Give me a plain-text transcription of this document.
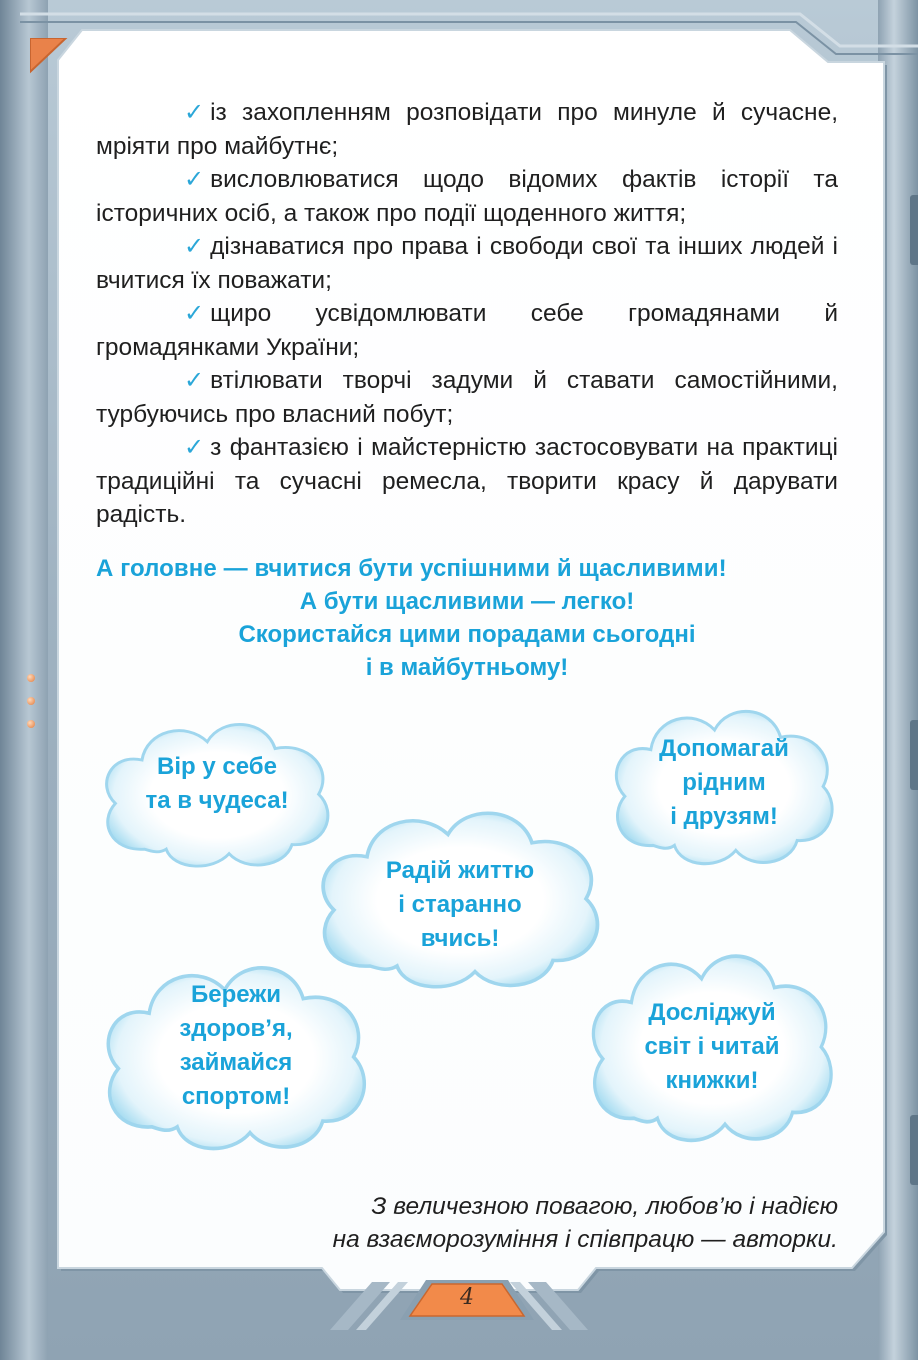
✓ із захопленням розповідати про минуле й сучасне, мріяти про майбутнє;

✓ висловлюватися щодо відомих фактів історії та історичних осіб, а також про події щоденного життя;

✓ дізнаватися про права і свободи свої та інших людей і вчитися їх поважати;

✓ щиро усвідомлювати себе громадянами й громадянками України;

✓ втілювати творчі задуми й ставати самостійними, турбуючись про власний побут;

✓ з фантазією і майстерністю застосовувати на практиці традиційні та сучасні ремесла, творити красу й дарувати радість.

А головне — вчитися бути успішними й щасливими!
А бути щасливими — легко!
Скористайся цими порадами сьогодні
і в майбутньому!
Вір у себе
та в чудеса!
Допомагай
рідним
і друзям!
Радій життю
і старанно
вчись!
Бережи
здоров’я,
займайся
спортом!
Досліджуй
світ і читай
книжки!
З величезною повагою, любов’ю і надією
на взаєморозуміння і співпрацю — авторки.
4
